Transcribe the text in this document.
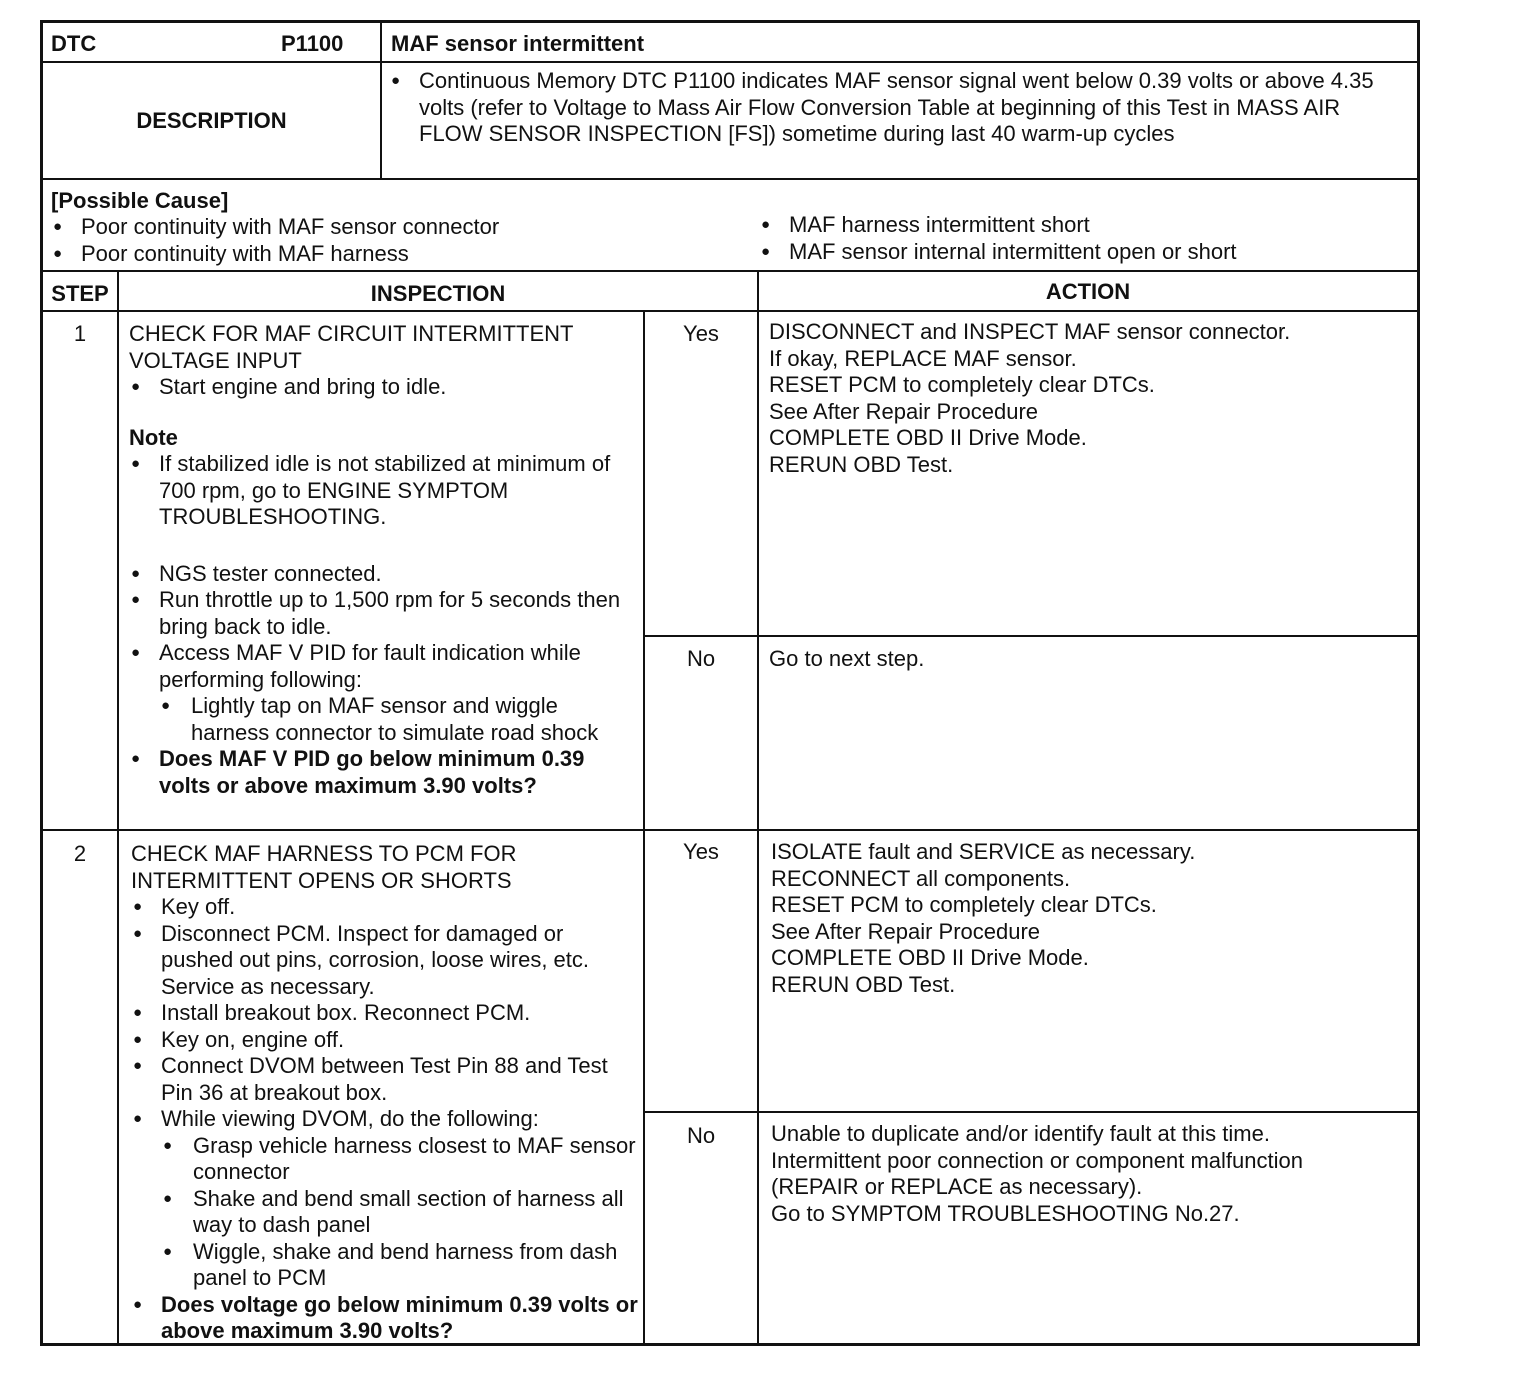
DTC	P1100 MAF sensor intermittent
DESCRIPTION
● Continuous Memory DTC P1100 indicates MAF sensor signal went below 0.39 volts or above 4.35 volts (refer to Voltage to Mass Air Flow Conversion Table at beginning of this Test in MASS AIR FLOW SENSOR INSPECTION [FS]) sometime during last 40 warm-up cycles
[Possible Cause]
● Poor continuity with MAF sensor connector
● Poor continuity with MAF harness
● MAF harness intermittent short
● MAF sensor internal intermittent open or short
STEP	INSPECTION	ACTION
1	CHECK FOR MAF CIRCUIT INTERMITTENT
VOLTAGE INPUT
● Start engine and bring to idle.
Note
● If stabilized idle is not stabilized at minimum of 700 rpm, go to ENGINE SYMPTOM TROUBLESHOOTING.
● NGS tester connected.
● Run throttle up to 1,500 rpm for 5 seconds then bring back to idle.
● Access MAF V PID for fault indication while performing following:
● Lightly tap on MAF sensor and wiggle harness connector to simulate road shock
● Does MAF V PID go below minimum 0.39 volts or above maximum 3.90 volts?
Yes	DISCONNECT and INSPECT MAF sensor connector.
If okay, REPLACE MAF sensor.
RESET PCM to completely clear DTCs.
See After Repair Procedure
COMPLETE OBD II Drive Mode.
RERUN OBD Test.
No	Go to next step.
2	CHECK MAF HARNESS TO PCM FOR
INTERMITTENT OPENS OR SHORTS
● Key off.
● Disconnect PCM. Inspect for damaged or pushed out pins, corrosion, loose wires, etc. Service as necessary.
● Install breakout box. Reconnect PCM.
● Key on, engine off.
● Connect DVOM between Test Pin 88 and Test Pin 36 at breakout box.
● While viewing DVOM, do the following:
● Grasp vehicle harness closest to MAF sensor connector
● Shake and bend small section of harness all way to dash panel
● Wiggle, shake and bend harness from dash panel to PCM
● Does voltage go below minimum 0.39 volts or above maximum 3.90 volts?
Yes	ISOLATE fault and SERVICE as necessary.
RECONNECT all components.
RESET PCM to completely clear DTCs.
See After Repair Procedure
COMPLETE OBD II Drive Mode.
RERUN OBD Test.
No	Unable to duplicate and/or identify fault at this time.
Intermittent poor connection or component malfunction
(REPAIR or REPLACE as necessary).
Go to SYMPTOM TROUBLESHOOTING No.27.
